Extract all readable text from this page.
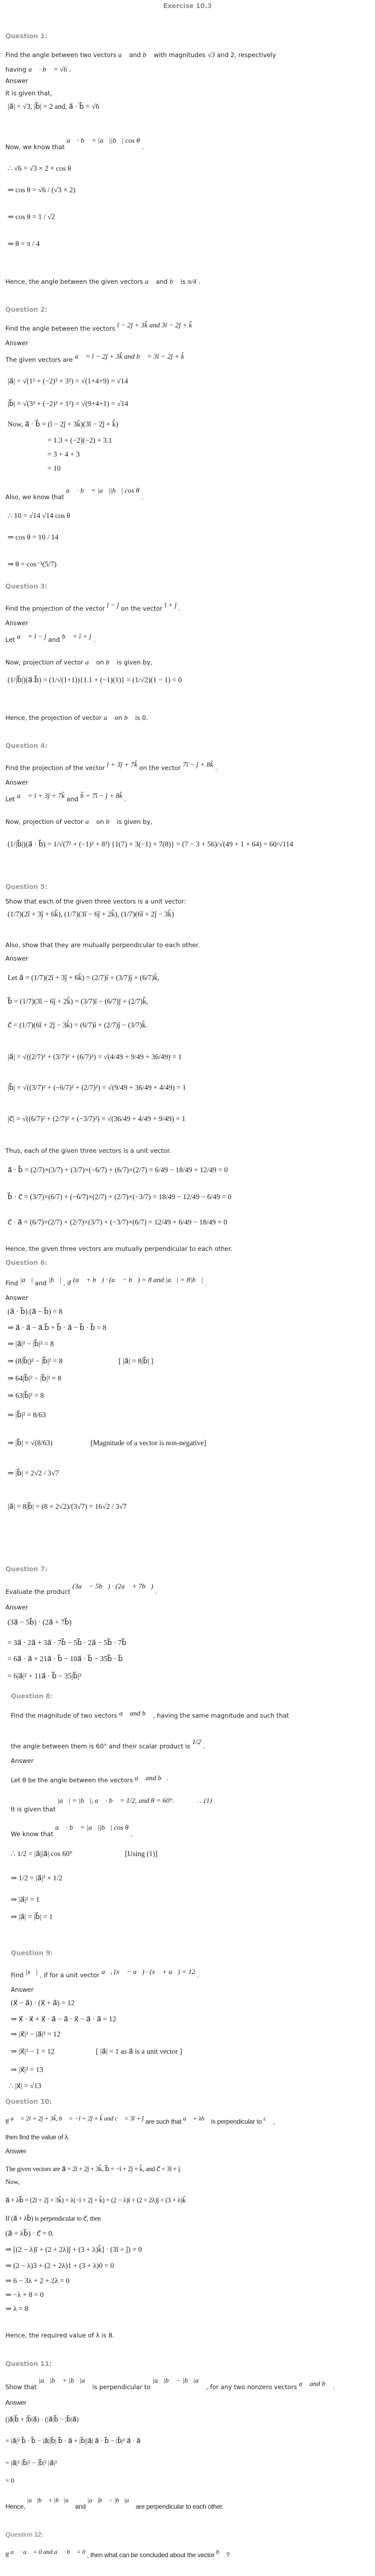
Exercise 10.3
Question 1:
Find the angle between two vectors a⃗ and b⃗ with magnitudes √3 and 2, respectively
having a⃗ · b⃗ = √6 .
Answer
It is given that,
|a⃗| = √3, |b⃗| = 2 and, a⃗ · b⃗ = √6
Now, we know that a⃗ · b⃗ = |a⃗||b⃗| cos θ .
∴ √6 = √3 × 2 × cos θ
⇒ cos θ = √6 / (√3 × 2)
⇒ cos θ = 1 / √2
⇒ θ = π / 4
Hence, the angle between the given vectors a⃗ and b⃗ is π/4 .
Question 2:
Find the angle between the vectors î − 2ĵ + 3k̂ and 3î − 2ĵ + k̂
Answer
The given vectors are a⃗ = î − 2ĵ + 3k̂ and b⃗ = 3î − 2ĵ + k̂
|a⃗| = √(1² + (−2)² + 3²) = √(1+4+9) = √14
|b⃗| = √(3² + (−2)² + 1²) = √(9+4+1) = √14
Now, a⃗ · b⃗ = (î − 2ĵ + 3k̂)(3î − 2ĵ + k̂)
= 1.3 + (−2)(−2) + 3.1
= 3 + 4 + 3
= 10
Also, we know that a⃗ · b⃗ = |a⃗||b⃗| cos θ .
∴ 10 = √14 √14 cos θ
⇒ cos θ = 10 / 14
⇒ θ = cos⁻¹(5/7)
Question 3:
Find the projection of the vector î − ĵ on the vector î + ĵ .
Answer
Let a⃗ = î − ĵ and b⃗ = î + ĵ .
Now, projection of vector a⃗ on b⃗ is given by,
(1/|b⃗|)(a⃗.b⃗) = (1/√(1+1)){1.1 + (−1)(1)} = (1/√2)(1 − 1) = 0
Hence, the projection of vector a⃗ on b⃗ is 0.
Question 4:
Find the projection of the vector î + 3ĵ + 7k̂ on the vector 7î − ĵ + 8k̂ .
Answer
Let a⃗ = î + 3ĵ + 7k̂ and b̂ = 7î − ĵ + 8k̂ .
Now, projection of vector a⃗ on b⃗ is given by,
(1/|b⃗|)(a⃗ · b⃗) = 1/√(7² + (−1)² + 8²) {1(7) + 3(−1) + 7(8)} = (7 − 3 + 56)/√(49 + 1 + 64) = 60/√114
Question 5:
Show that each of the given three vectors is a unit vector:
(1/7)(2î + 3ĵ + 6k̂), (1/7)(3î − 6ĵ + 2k̂), (1/7)(6î + 2ĵ − 3k̂)
Also, show that they are mutually perpendicular to each other.
Answer
Let a⃗ = (1/7)(2î + 3ĵ + 6k̂) = (2/7)î + (3/7)ĵ + (6/7)k̂,
b⃗ = (1/7)(3î − 6ĵ + 2k̂) = (3/7)î − (6/7)ĵ + (2/7)k̂,
c⃗ = (1/7)(6î + 2ĵ − 3k̂) = (6/7)î + (2/7)ĵ − (3/7)k̂.
|a⃗| = √((2/7)² + (3/7)² + (6/7)²) = √(4/49 + 9/49 + 36/49) = 1
|b⃗| = √((3/7)² + (−6/7)² + (2/7)²) = √(9/49 + 36/49 + 4/49) = 1
|c⃗| = √((6/7)² + (2/7)² + (−3/7)²) = √(36/49 + 4/49 + 9/49) = 1
Thus, each of the given three vectors is a unit vector.
a⃗ · b⃗ = (2/7)×(3/7) + (3/7)×(−6/7) + (6/7)×(2/7) = 6/49 − 18/49 + 12/49 = 0
b⃗ · c⃗ = (3/7)×(6/7) + (−6/7)×(2/7) + (2/7)×(−3/7) = 18/49 − 12/49 − 6/49 = 0
c⃗ · a⃗ = (6/7)×(2/7) + (2/7)×(3/7) + (−3/7)×(6/7) = 12/49 + 6/49 − 18/49 = 0
Hence, the given three vectors are mutually perpendicular to each other.
Question 6:
Find |a⃗| and |b⃗| , if (a⃗ + b⃗) · (a⃗ − b⃗) = 8 and |a⃗| = 8|b⃗| .
Answer
(a⃗ · b⃗).(a⃗ − b⃗) = 8
⇒ a⃗ · a⃗ − a⃗.b⃗ + b⃗ · a⃗ − b⃗ · b⃗ = 8
⇒ |a⃗|² − |b⃗|² = 8
⇒ (8|b⃗|)² − |b⃗|² = 8	[ |a⃗| = 8|b⃗| ]
⇒ 64|b⃗|² − |b⃗|² = 8
⇒ 63|b⃗|² = 8
⇒ |b⃗|² = 8/63
⇒ |b⃗| = √(8/63)	[Magnitude of a vector is non-negative]
⇒ |b⃗| = 2√2 / 3√7
|a⃗| = 8|b⃗| = (8 × 2√2)/(3√7) = 16√2 / 3√7
Question 7:
Evaluate the product (3a⃗ − 5b⃗) · (2a⃗ + 7b⃗) .
Answer
(3a⃗ − 5b⃗) · (2a⃗ + 7b⃗)
= 3a⃗ · 2a⃗ + 3a⃗ · 7b⃗ − 5b⃗ · 2a⃗ − 5b⃗ · 7b⃗
= 6a⃗ · a⃗ + 21a⃗ · b⃗ − 10a⃗ · b⃗ − 35b⃗ · b⃗
= 6|a⃗|² + 11a⃗ · b⃗ − 35|b⃗|²
Question 8:
Find the magnitude of two vectors a⃗ and b⃗ , having the same magnitude and such that
the angle between them is 60° and their scalar product is 1/2 .
Answer
Let θ be the angle between the vectors a⃗ and b⃗.
It is given that |a⃗| = |b⃗|, a⃗ · b⃗ = 1/2, and θ = 60°.	…(1)
We know that a⃗ · b⃗ = |a⃗||b⃗| cos θ .
∴ 1/2 = |a⃗||a⃗| cos 60°	[Using (1)]
⇒ 1/2 = |a⃗|² × 1/2
⇒ |a⃗|² = 1
⇒ |a⃗| = |b⃗| = 1
Question 9:
Find |x⃗| , if for a unit vector a⃗, (x⃗ − a⃗) · (x⃗ + a⃗) = 12 .
Answer
(x⃗ − a⃗) · (x⃗ + a⃗) = 12
⇒ x⃗ · x⃗ + x⃗ · a⃗ − a⃗ · x⃗ − a⃗ · a⃗ = 12
⇒ |x⃗|² − |a⃗|² = 12
⇒ |x⃗|² − 1 = 12	[ |a⃗| = 1 as a⃗ is a unit vector ]
⇒ |x⃗|² = 13
∴ |x⃗| = √13
Question 10:
If a⃗ = 2î + 2ĵ + 3k̂, b⃗ = −î + 2ĵ + k̂ and c⃗ = 3î + ĵ are such that a⃗ + λb⃗ is perpendicular to c⃗ ,
then find the value of λ.
Answer
The given vectors are a⃗ = 2î + 2ĵ + 3k̂, b⃗ = −î + 2ĵ + k̂, and c⃗ = 3î + ĵ.
Now,
a⃗ + λb⃗ = (2î + 2ĵ + 3k̂) + λ(−î + 2ĵ + k̂) = (2 − λ)î + (2 + 2λ)ĵ + (3 + λ)k̂
If (a⃗ + λb⃗) is perpendicular to c⃗, then
(a⃗ + λb⃗) · c⃗ = 0.
⇒ [(2 − λ)î + (2 + 2λ)ĵ + (3 + λ)k̂] · (3î + ĵ) = 0
⇒ (2 − λ)3 + (2 + 2λ)1 + (3 + λ)0 = 0
⇒ 6 − 3λ + 2 + 2λ = 0
⇒ −λ + 8 = 0
⇒ λ = 8
Hence, the required value of λ is 8.
Question 11:
Show that |a⃗|b⃗ + |b⃗|a⃗ is perpendicular to |a⃗|b⃗ − |b⃗|a⃗ , for any two nonzero vectors a⃗ and b⃗ .
Answer
(|a⃗|b⃗ + |b⃗|a⃗) · (|a⃗|b⃗ − |b⃗|a⃗)
= |a⃗|² b⃗ · b⃗ − |a⃗||b⃗| b⃗ · a⃗ + |b⃗||a⃗| a⃗ · b⃗ − |b⃗|² a⃗ · a⃗
= |a⃗|² |b⃗|² − |b⃗|² |a⃗|²
= 0
Hence, |a⃗|b⃗ + |b⃗|a⃗ and |a⃗|b⃗ − |b⃗|a⃗ are perpendicular to each other.
Question 12:
If a⃗ · a⃗ = 0 and a⃗ · b⃗ = 0 , then what can be concluded about the vector b⃗ ?
